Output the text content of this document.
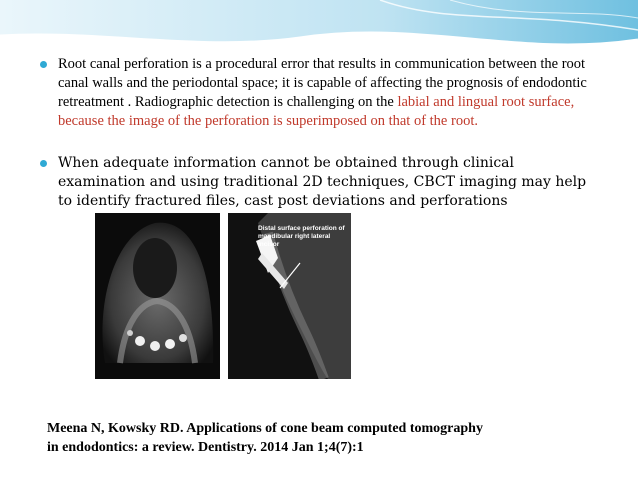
Root canal perforation is a procedural error that results in communication between the root canal walls and the periodontal space; it is capable of affecting the prognosis of endodontic retreatment . Radiographic detection is challenging on the labial and lingual root surface, because the image of the perforation is superimposed on that of the root.
When adequate information cannot be obtained through clinical examination and using traditional 2D techniques, CBCT imaging may help to identify fractured files, cast post deviations and perforations
Distal surface perforation of mandibular right lateral incisor
Meena N, Kowsky RD. Applications of cone beam computed tomography
in endodontics: a review. Dentistry. 2014 Jan 1;4(7):1
